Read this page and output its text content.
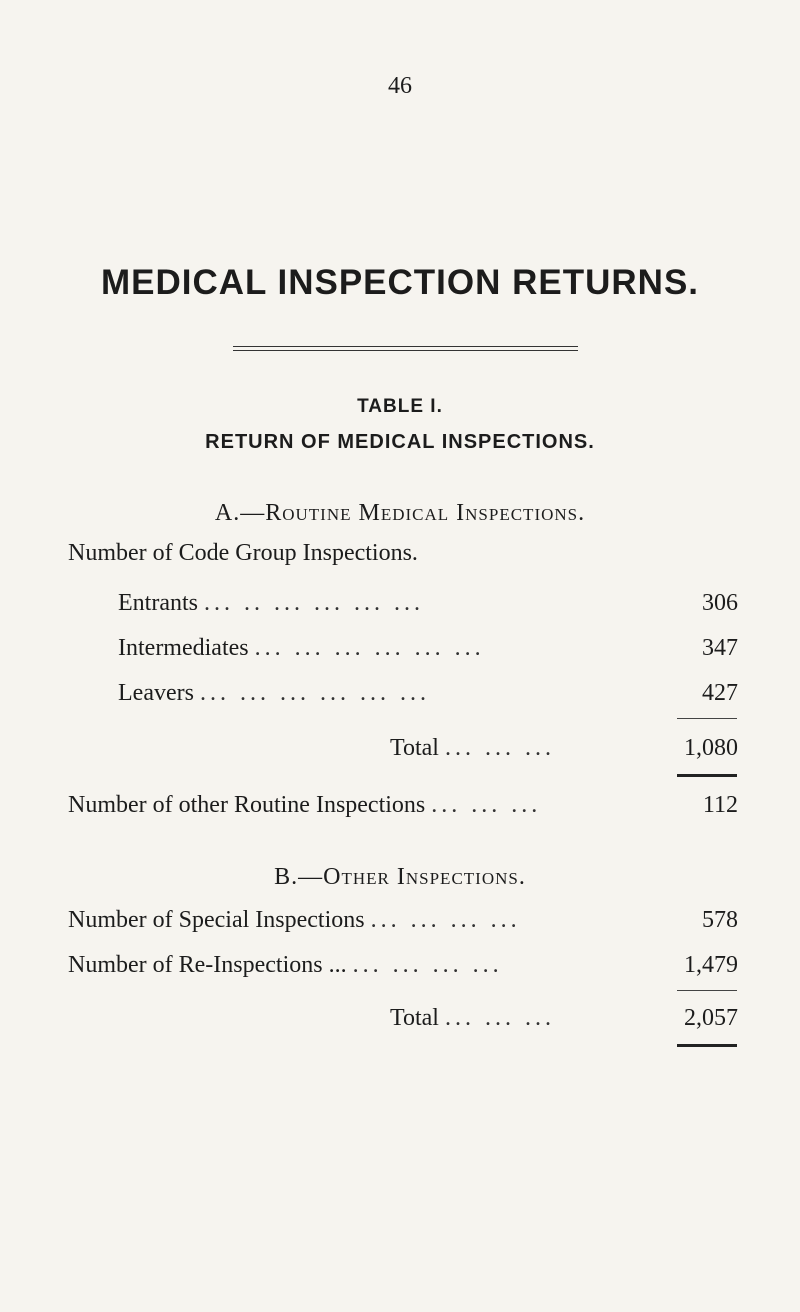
46
MEDICAL INSPECTION RETURNS.
TABLE I.
RETURN OF MEDICAL INSPECTIONS.
A.—Routine Medical Inspections.
Number of Code Group Inspections.
Entrants ... .. ... ... ... ...	306
Intermediates ... ... ... ... ... ...	347
Leavers ... ... ... ... ... ...	427
Total ... ... ...	1,080
Number of other Routine Inspections ... ... ...	112
B.—Other Inspections.
Number of Special Inspections ... ... ... ...	578
Number of Re-Inspections ... ... ... ... ...	1,479
Total ... ... ...	2,057
